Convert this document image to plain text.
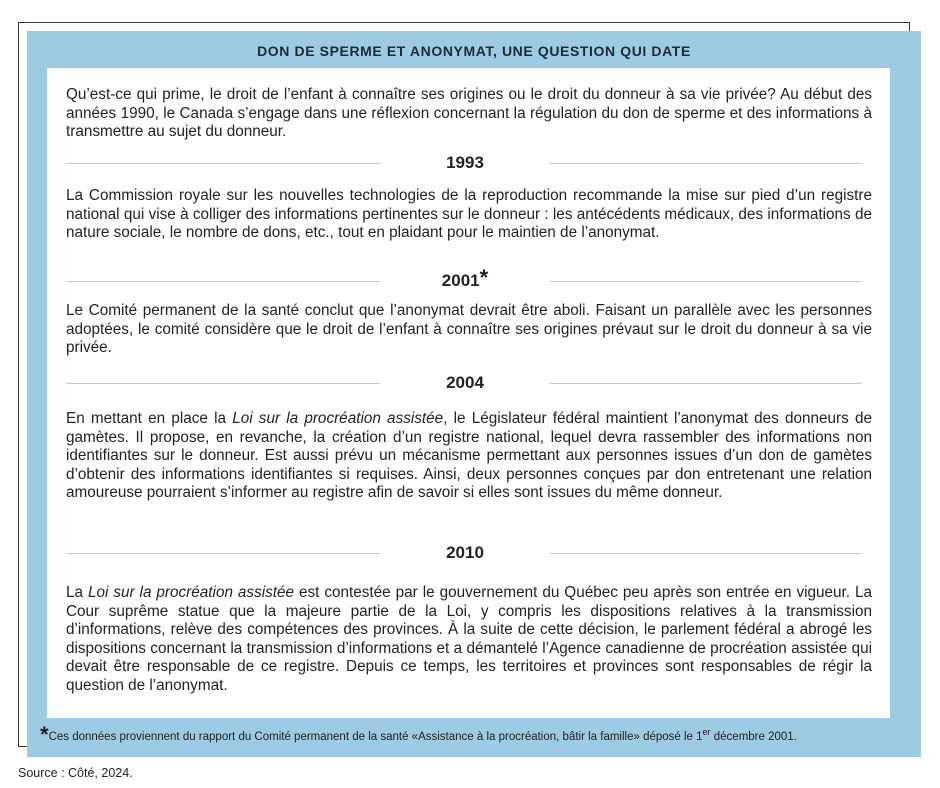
DON DE SPERME ET ANONYMAT, UNE QUESTION QUI DATE

Qu’est-ce qui prime, le droit de l’enfant à connaître ses origines ou le droit du donneur à sa vie privée? Au début des années 1990, le Canada s’engage dans une réflexion concernant la régulation du don de sperme et des informations à transmettre au sujet du donneur.

1993

La Commission royale sur les nouvelles technologies de la reproduction recommande la mise sur pied d’un registre national qui vise à colliger des informations pertinentes sur le donneur : les antécédents médicaux, des informations de nature sociale, le nombre de dons, etc., tout en plaidant pour le maintien de l’anonymat.

2001*

Le Comité permanent de la santé conclut que l’anonymat devrait être aboli. Faisant un parallèle avec les personnes adoptées, le comité considère que le droit de l’enfant à connaître ses origines prévaut sur le droit du donneur à sa vie privée.

2004

En mettant en place la Loi sur la procréation assistée, le Législateur fédéral maintient l’anonymat des donneurs de gamètes. Il propose, en revanche, la création d’un registre national, lequel devra rassembler des informations non identifiantes sur le donneur. Est aussi prévu un mécanisme permettant aux personnes issues d’un don de gamètes d’obtenir des informations identifiantes si requises. Ainsi, deux personnes conçues par don entretenant une relation amoureuse pourraient s’informer au registre afin de savoir si elles sont issues du même donneur.

2010

La Loi sur la procréation assistée est contestée par le gouvernement du Québec peu après son entrée en vigueur. La Cour suprême statue que la majeure partie de la Loi, y compris les dispositions relatives à la transmission d’informations, relève des compétences des provinces. À la suite de cette décision, le parlement fédéral a abrogé les dispositions concernant la transmission d’informations et a démantelé l’Agence canadienne de procréation assistée qui devait être responsable de ce registre. Depuis ce temps, les territoires et provinces sont responsables de régir la question de l’anonymat.

*Ces données proviennent du rapport du Comité permanent de la santé «Assistance à la procréation, bâtir la famille» déposé le 1er décembre 2001.
Source : Côté, 2024.
